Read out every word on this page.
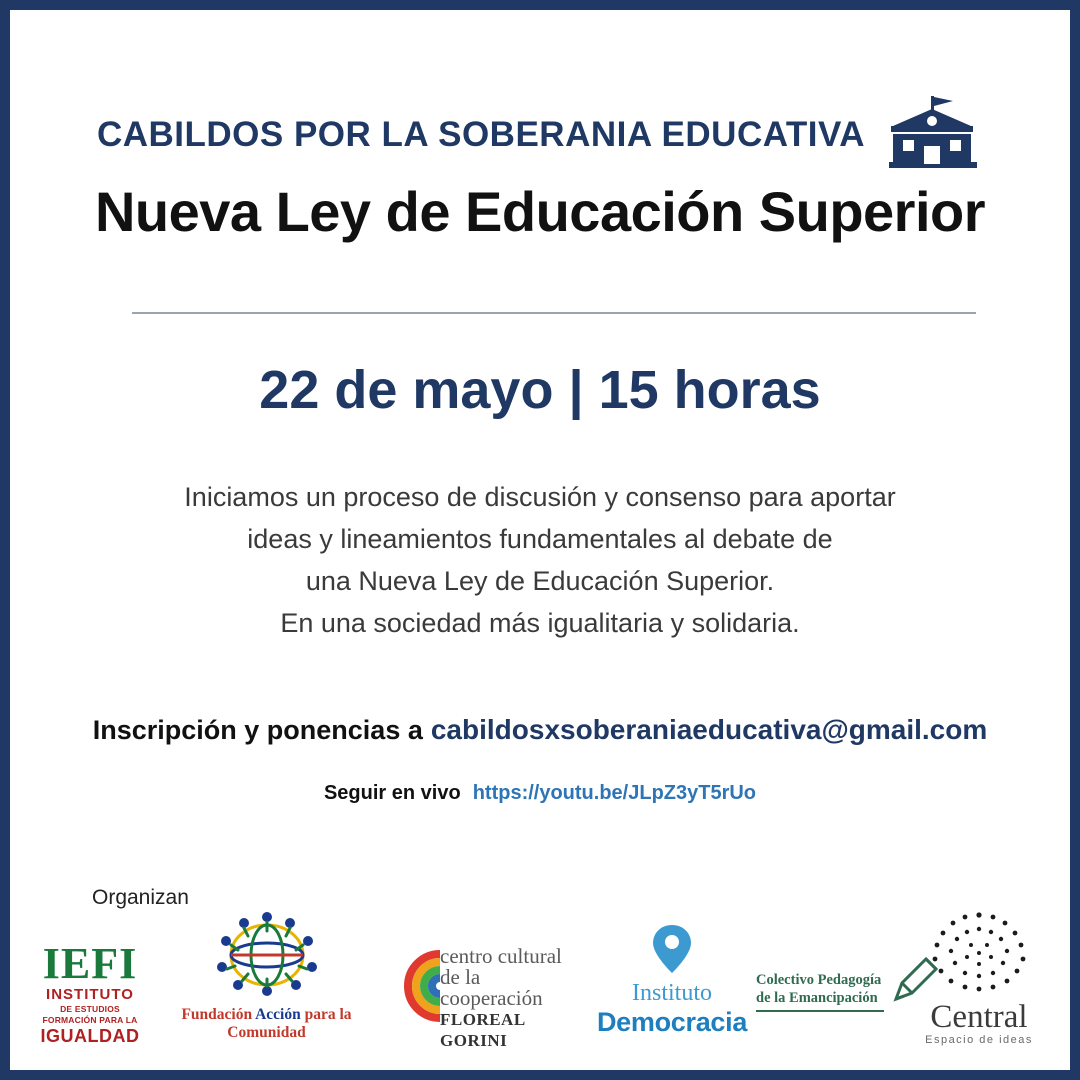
CABILDOS POR LA SOBERANIA EDUCATIVA
Nueva Ley de Educación Superior
22 de mayo | 15 horas
Iniciamos un proceso de discusión y consenso para aportar
ideas y lineamientos fundamentales al debate de
una Nueva Ley de Educación Superior.
En una sociedad más igualitaria y solidaria.
Inscripción y ponencias a cabildosxsoberaniaeducativa@gmail.com
Seguir en vivo https://youtu.be/JLpZ3yT5rUo
Organizan
IEFI
INSTITUTO
DE ESTUDIOS
FORMACIÓN PARA LA
IGUALDAD
Fundación Acción para la Comunidad
centro cultural
de la cooperación
FLOREAL GORINI
Instituto
Democracia
Colectivo Pedagogía
de la Emancipación
Central
Espacio de ideas
